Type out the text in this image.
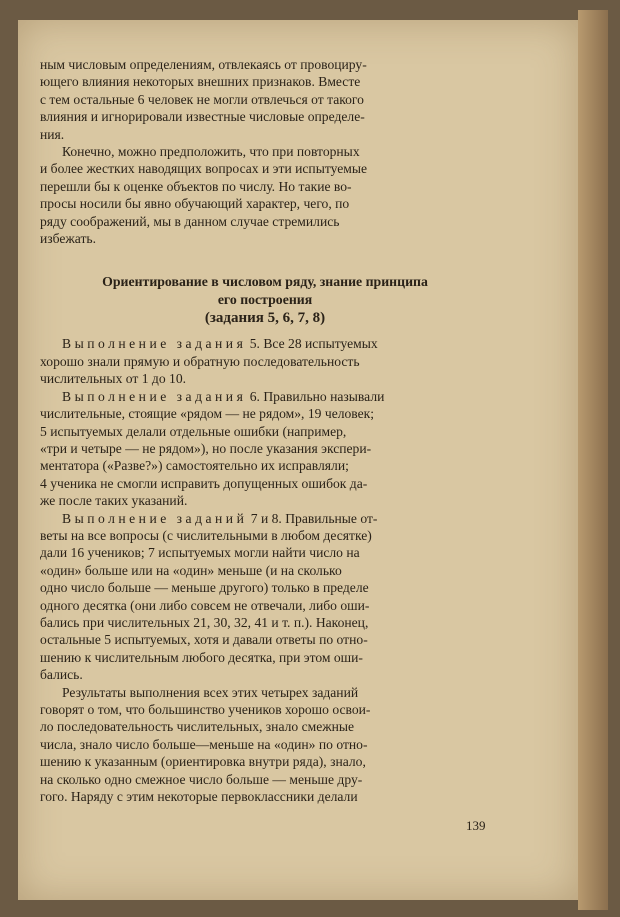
ным числовым определениям, отвлекаясь от провоциру-
ющего влияния некоторых внешних признаков. Вместе
с тем остальные 6 человек не могли отвлечься от такого
влияния и игнорировали известные числовые определе-
ния.

Конечно, можно предположить, что при повторных
и более жестких наводящих вопросах и эти испытуемые
перешли бы к оценке объектов по числу. Но такие во-
просы носили бы явно обучающий характер, чего, по
ряду соображений, мы в данном случае стремились
избежать.

Ориентирование в числовом ряду, знание принципа
его построения
(задания 5, 6, 7, 8)

Выполнение задания 5. Все 28 испытуемых
хорошо знали прямую и обратную последовательность
числительных от 1 до 10.

Выполнение задания 6. Правильно называли
числительные, стоящие «рядом — не рядом», 19 человек;
5 испытуемых делали отдельные ошибки (например,
«три и четыре — не рядом»), но после указания экспери-
ментатора («Разве?») самостоятельно их исправляли;
4 ученика не смогли исправить допущенных ошибок да-
же после таких указаний.

Выполнение заданий 7 и 8. Правильные от-
веты на все вопросы (с числительными в любом десятке)
дали 16 учеников; 7 испытуемых могли найти число на
«один» больше или на «один» меньше (и на сколько
одно число больше — меньше другого) только в пределе
одного десятка (они либо совсем не отвечали, либо оши-
бались при числительных 21, 30, 32, 41 и т. п.). Наконец,
остальные 5 испытуемых, хотя и давали ответы по отно-
шению к числительным любого десятка, при этом оши-
бались.

Результаты выполнения всех этих четырех заданий
говорят о том, что большинство учеников хорошо освои-
ло последовательность числительных, знало смежные
числа, знало число больше—меньше на «один» по отно-
шению к указанным (ориентировка внутри ряда), знало,
на сколько одно смежное число больше — меньше дру-
гого. Наряду с этим некоторые первоклассники делали

139
